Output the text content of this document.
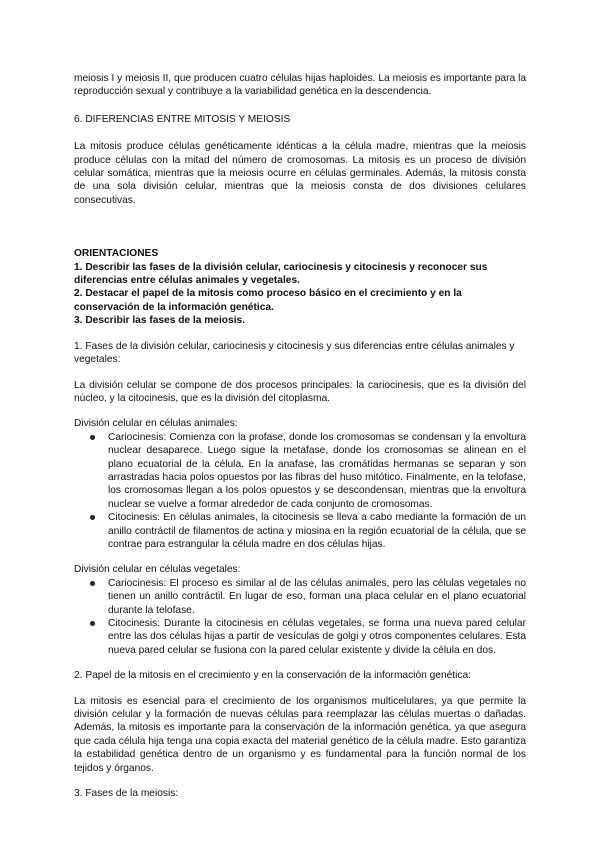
meiosis I y meiosis II, que producen cuatro células hijas haploides. La meiosis es importante para la reproducción sexual y contribuye a la variabilidad genética en la descendencia.

6. DIFERENCIAS ENTRE MITOSIS Y MEIOSIS

La mitosis produce células genéticamente idénticas a la célula madre, mientras que la meiosis produce células con la mitad del número de cromosomas. La mitosis es un proceso de división celular somática, mientras que la meiosis ocurre en células germinales. Además, la mitosis consta de una sola división celular, mientras que la meiosis consta de dos divisiones celulares consecutivas.

ORIENTACIONES

1. Describir las fases de la división celular, cariocinesis y citocinesis y reconocer sus diferencias entre células animales y vegetales.

2. Destacar el papel de la mitosis como proceso básico en el crecimiento y en la conservación de la información genética.

3. Describir las fases de la meiosis.

1. Fases de la división celular, cariocinesis y citocinesis y sus diferencias entre células animales y vegetales:

La división celular se compone de dos procesos principales: la cariocinesis, que es la división del núcleo, y la citocinesis, que es la división del citoplasma.

División celular en células animales:

Cariocinesis: Comienza con la profase, donde los cromosomas se condensan y la envoltura nuclear desaparece. Luego sigue la metafase, donde los cromosomas se alinean en el plano ecuatorial de la célula. En la anafase, las cromátidas hermanas se separan y son arrastradas hacia polos opuestos por las fibras del huso mitótico. Finalmente, en la telofase, los cromosomas llegan a los polos opuestos y se descondensan, mientras que la envoltura nuclear se vuelve a formar alrededor de cada conjunto de cromosomas.
Citocinesis: En células animales, la citocinesis se lleva a cabo mediante la formación de un anillo contráctil de filamentos de actina y miosina en la región ecuatorial de la célula, que se contrae para estrangular la célula madre en dos células hijas.

División celular en células vegetales:

Cariocinesis: El proceso es similar al de las células animales, pero las células vegetales no tienen un anillo contráctil. En lugar de eso, forman una placa celular en el plano ecuatorial durante la telofase.
Citocinesis: Durante la citocinesis en células vegetales, se forma una nueva pared celular entre las dos células hijas a partir de vesículas de golgi y otros componentes celulares. Esta nueva pared celular se fusiona con la pared celular existente y divide la célula en dos.

2. Papel de la mitosis en el crecimiento y en la conservación de la información genética:

La mitosis es esencial para el crecimiento de los organismos multicelulares, ya que permite la división celular y la formación de nuevas células para reemplazar las células muertas o dañadas. Además, la mitosis es importante para la conservación de la información genética, ya que asegura que cada célula hija tenga una copia exacta del material genético de la célula madre. Esto garantiza la estabilidad genética dentro de un organismo y es fundamental para la función normal de los tejidos y órganos.

3. Fases de la meiosis:
